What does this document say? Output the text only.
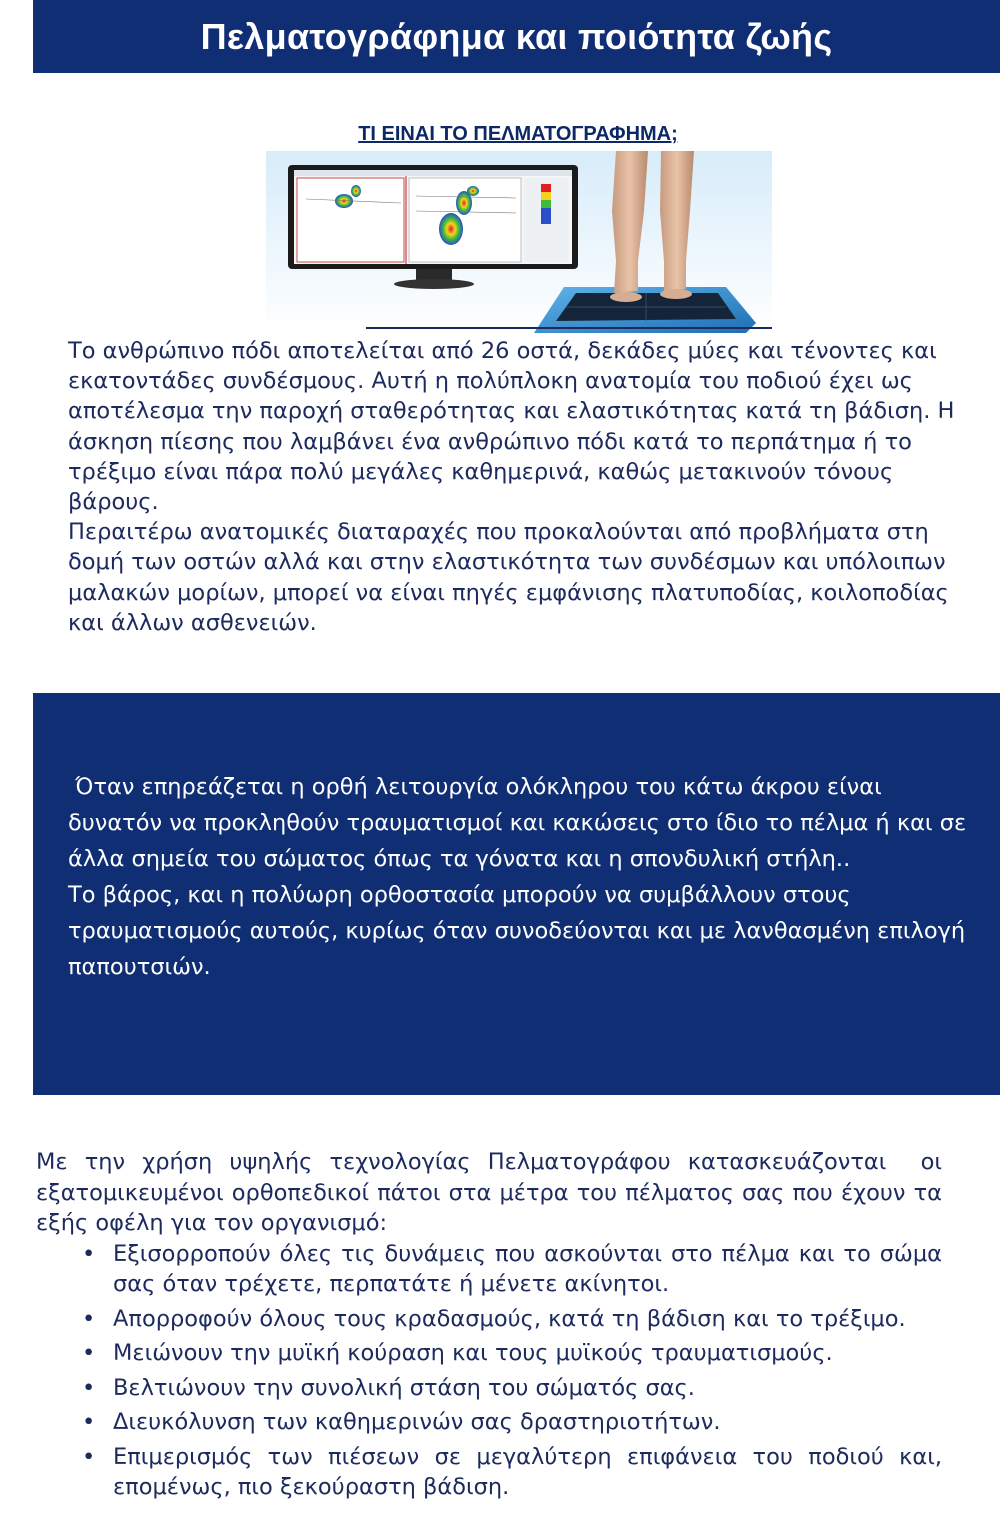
Πελματογράφημα και ποιότητα ζωής
ΤΙ ΕΙΝΑΙ ΤΟ ΠΕΛΜΑΤΟΓΡΑΦΗΜΑ;

Το ανθρώπινο πόδι αποτελείται από 26 οστά, δεκάδες μύες και τένοντες και εκατοντάδες συνδέσμους. Αυτή η πολύπλοκη ανατομία του ποδιού έχει ως αποτέλεσμα την παροχή σταθερότητας και ελαστικότητας κατά τη βάδιση. Η άσκηση πίεσης που λαμβάνει ένα ανθρώπινο πόδι κατά το περπάτημα ή το τρέξιμο είναι πάρα πολύ μεγάλες καθημερινά, καθώς μετακινούν τόνους βάρους.

Περαιτέρω ανατομικές διαταραχές που προκαλούνται από προβλήματα στη δομή των οστών αλλά και στην ελαστικότητα των συνδέσμων και υπόλοιπων μαλακών μορίων, μπορεί να είναι πηγές εμφάνισης πλατυποδίας, κοιλοποδίας και άλλων ασθενειών.

Όταν επηρεάζεται η ορθή λειτουργία ολόκληρου του κάτω άκρου είναι δυνατόν να προκληθούν τραυματισμοί και κακώσεις στο ίδιο το πέλμα ή και σε άλλα σημεία του σώματος όπως τα γόνατα και η σπονδυλική στήλη..

Το βάρος, και η πολύωρη ορθοστασία μπορούν να συμβάλλουν στους τραυματισμούς αυτούς, κυρίως όταν συνοδεύονται και με λανθασμένη επιλογή παπουτσιών.

Με την χρήση υψηλής τεχνολογίας Πελματογράφου κατασκευάζονται  οι εξατομικευμένοι ορθοπεδικοί πάτοι στα μέτρα του πέλματος σας που έχουν τα εξής οφέλη για τον οργανισμό:

• Εξισορροπούν όλες τις δυνάμεις που ασκούνται στο πέλμα και το σώμα σας όταν τρέχετε, περπατάτε ή μένετε ακίνητοι.
• Απορροφούν όλους τους κραδασμούς, κατά τη βάδιση και το τρέξιμο.
• Μειώνουν την μυϊκή κούραση και τους μυϊκούς τραυματισμούς.
• Βελτιώνουν την συνολική στάση του σώματός σας.
• Διευκόλυνση των καθημερινών σας δραστηριοτήτων.
• Επιμερισμός των πιέσεων σε μεγαλύτερη επιφάνεια του ποδιού και, επομένως, πιο ξεκούραστη βάδιση.
